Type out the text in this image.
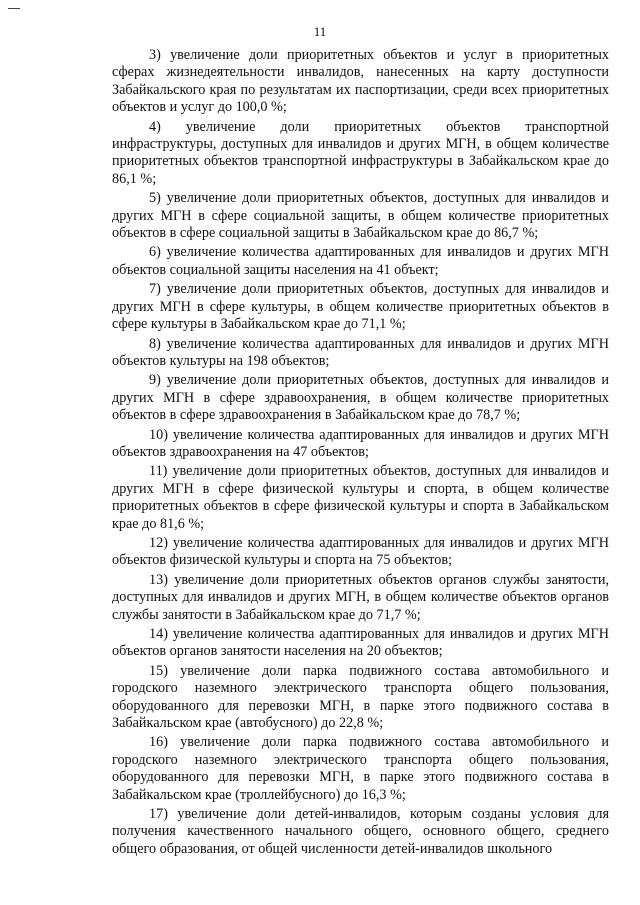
11

3) увеличение доли приоритетных объектов и услуг в приоритетных сферах жизнедеятельности инвалидов, нанесенных на карту доступности Забайкальского края по результатам их паспортизации, среди всех приоритетных объектов и услуг до 100,0 %;

4) увеличение доли приоритетных объектов транспортной инфраструктуры, доступных для инвалидов и других МГН, в общем количестве приоритетных объектов транспортной инфраструктуры в Забайкальском крае до 86,1 %;

5) увеличение доли приоритетных объектов, доступных для инвалидов и других МГН в сфере социальной защиты, в общем количестве приоритетных объектов в сфере социальной защиты в Забайкальском крае до 86,7 %;

6) увеличение количества адаптированных для инвалидов и других МГН объектов социальной защиты населения на 41 объект;

7) увеличение доли приоритетных объектов, доступных для инвалидов и других МГН в сфере культуры, в общем количестве приоритетных объектов в сфере культуры в Забайкальском крае до 71,1 %;

8) увеличение количества адаптированных для инвалидов и других МГН объектов культуры на 198 объектов;

9) увеличение доли приоритетных объектов, доступных для инвалидов и других МГН в сфере здравоохранения, в общем количестве приоритетных объектов в сфере здравоохранения в Забайкальском крае до 78,7 %;

10) увеличение количества адаптированных для инвалидов и других МГН объектов здравоохранения на 47 объектов;

11) увеличение доли приоритетных объектов, доступных для инвалидов и других МГН в сфере физической культуры и спорта, в общем количестве приоритетных объектов в сфере физической культуры и спорта в Забайкальском крае до 81,6 %;

12) увеличение количества адаптированных для инвалидов и других МГН объектов физической культуры и спорта на 75 объектов;

13) увеличение доли приоритетных объектов органов службы занятости, доступных для инвалидов и других МГН, в общем количестве объектов органов службы занятости в Забайкальском крае до 71,7 %;

14) увеличение количества адаптированных для инвалидов и других МГН объектов органов занятости населения на 20 объектов;

15) увеличение доли парка подвижного состава автомобильного и городского наземного электрического транспорта общего пользования, оборудованного для перевозки МГН, в парке этого подвижного состава в Забайкальском крае (автобусного) до 22,8 %;

16) увеличение доли парка подвижного состава автомобильного и городского наземного электрического транспорта общего пользования, оборудованного для перевозки МГН, в парке этого подвижного состава в Забайкальском крае (троллейбусного) до 16,3 %;

17) увеличение доли детей-инвалидов, которым созданы условия для получения качественного начального общего, основного общего, среднего общего образования, от общей численности детей-инвалидов школьного
